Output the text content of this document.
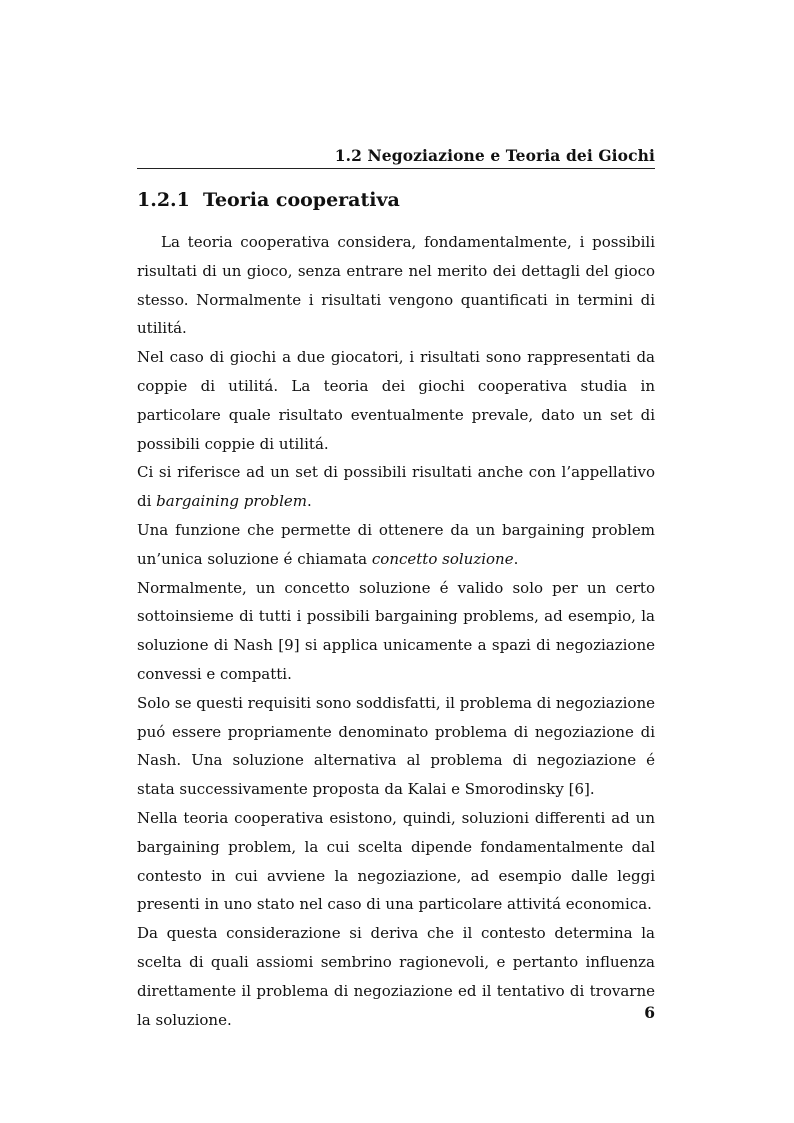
1.2 Negoziazione e Teoria dei Giochi
1.2.1 Teoria cooperativa

La teoria cooperativa considera, fondamentalmente, i possibili risultati di un gioco, senza entrare nel merito dei dettagli del gioco stesso. Normalmente i risultati vengono quantificati in termini di utilitá.

Nel caso di giochi a due giocatori, i risultati sono rappresentati da coppie di utilitá. La teoria dei giochi cooperativa studia in particolare quale risultato eventualmente prevale, dato un set di possibili coppie di utilitá.

Ci si riferisce ad un set di possibili risultati anche con l’appellativo di bargaining problem.

Una funzione che permette di ottenere da un bargaining problem un’unica soluzione é chiamata concetto soluzione.

Normalmente, un concetto soluzione é valido solo per un certo sottoinsieme di tutti i possibili bargaining problems, ad esempio, la soluzione di Nash [9] si applica unicamente a spazi di negoziazione convessi e compatti.

Solo se questi requisiti sono soddisfatti, il problema di negoziazione puó essere propriamente denominato problema di negoziazione di Nash. Una soluzione alternativa al problema di negoziazione é stata successivamente proposta da Kalai e Smorodinsky [6].

Nella teoria cooperativa esistono, quindi, soluzioni differenti ad un bargaining problem, la cui scelta dipende fondamentalmente dal contesto in cui avviene la negoziazione, ad esempio dalle leggi presenti in uno stato nel caso di una particolare attivitá economica.

Da questa considerazione si deriva che il contesto determina la scelta di quali assiomi sembrino ragionevoli, e pertanto influenza direttamente il problema di negoziazione ed il tentativo di trovarne la soluzione.	6
